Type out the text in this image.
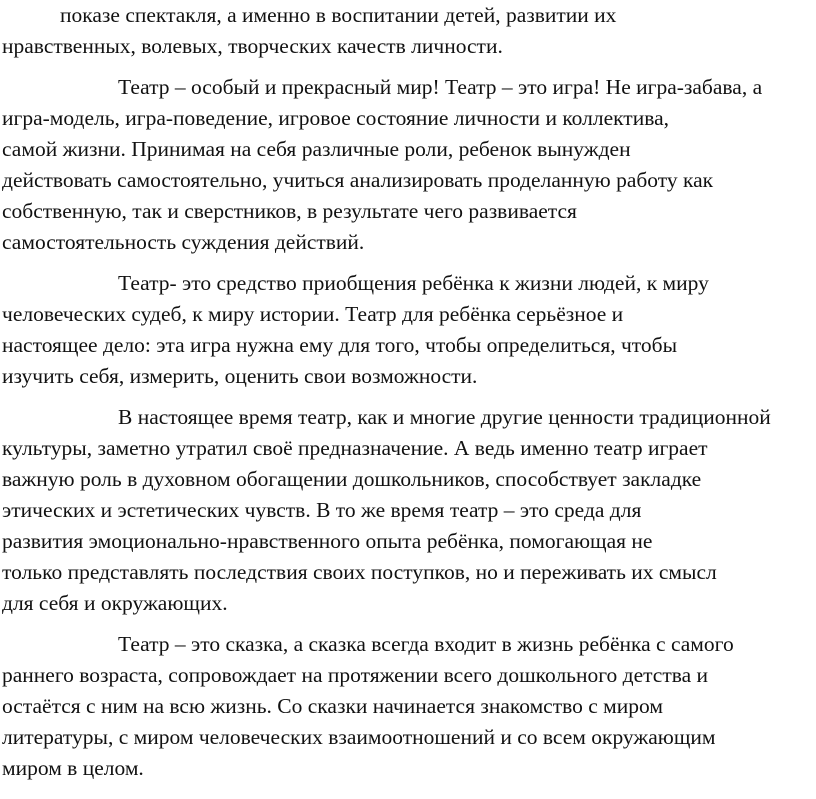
показе спектакля, а именно в воспитании детей, развитии их
нравственных, волевых, творческих качеств личности.
Театр – особый и прекрасный мир! Театр – это игра! Не игра-забава, а
игра-модель, игра-поведение, игровое состояние личности и коллектива,
самой жизни. Принимая на себя различные роли, ребенок вынужден
действовать самостоятельно, учиться анализировать проделанную работу как
собственную, так и сверстников, в результате чего развивается
самостоятельность суждения действий.
Театр- это средство приобщения ребёнка к жизни людей, к миру
человеческих судеб, к миру истории. Театр для ребёнка серьёзное и
настоящее дело: эта игра нужна ему для того, чтобы определиться, чтобы
изучить себя, измерить, оценить свои возможности.
В настоящее время театр, как и многие другие ценности традиционной
культуры, заметно утратил своё предназначение. А ведь именно театр играет
важную роль в духовном обогащении дошкольников, способствует закладке
этических и эстетических чувств. В то же время театр – это среда для
развития эмоционально-нравственного опыта ребёнка, помогающая не
только представлять последствия своих поступков, но и переживать их смысл
для себя и окружающих.
Театр – это сказка, а сказка всегда входит в жизнь ребёнка с самого
раннего возраста, сопровождает на протяжении всего дошкольного детства и
остаётся с ним на всю жизнь. Со сказки начинается знакомство с миром
литературы, с миром человеческих взаимоотношений и со всем окружающим
миром в целом.
